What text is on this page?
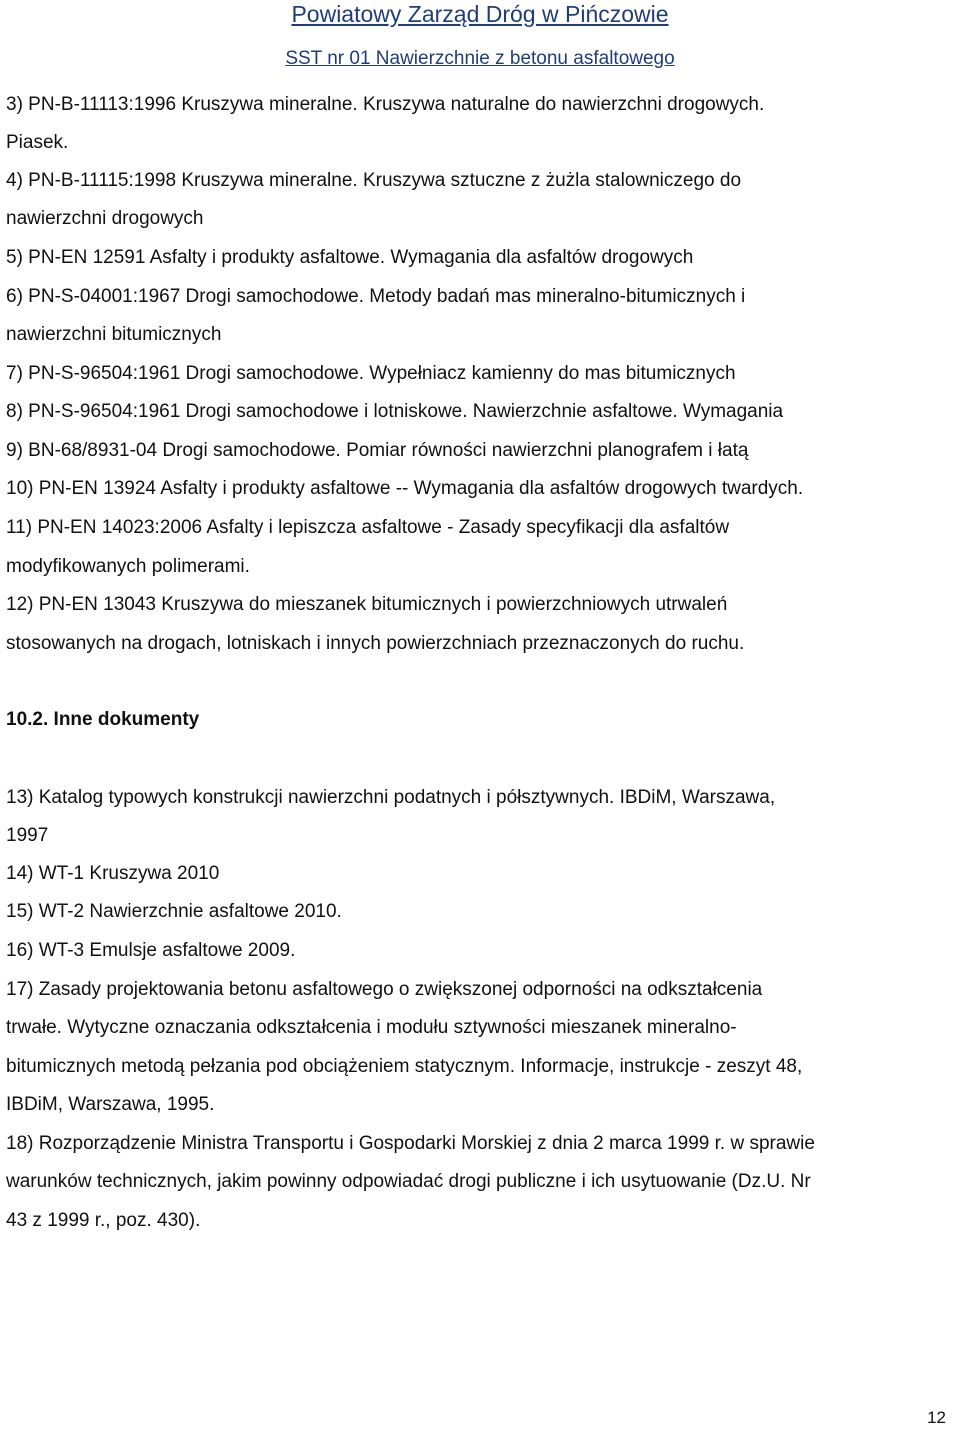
Powiatowy Zarząd Dróg w Pińczowie
SST nr 01 Nawierzchnie z betonu asfaltowego
3) PN-B-11113:1996 Kruszywa mineralne. Kruszywa naturalne do nawierzchni drogowych.
Piasek.
4) PN-B-11115:1998 Kruszywa mineralne. Kruszywa sztuczne z żużla stalowniczego do
nawierzchni drogowych
5) PN-EN 12591 Asfalty i produkty asfaltowe. Wymagania dla asfaltów drogowych
6) PN-S-04001:1967 Drogi samochodowe. Metody badań mas mineralno-bitumicznych i
nawierzchni bitumicznych
7) PN-S-96504:1961 Drogi samochodowe. Wypełniacz kamienny do mas bitumicznych
8) PN-S-96504:1961 Drogi samochodowe i lotniskowe. Nawierzchnie asfaltowe. Wymagania
9) BN-68/8931-04 Drogi samochodowe. Pomiar równości nawierzchni planografem i łatą
10) PN-EN 13924 Asfalty i produkty asfaltowe -- Wymagania dla asfaltów drogowych twardych.
11) PN-EN 14023:2006 Asfalty i lepiszcza asfaltowe - Zasady specyfikacji dla asfaltów
modyfikowanych polimerami.
12) PN-EN 13043 Kruszywa do mieszanek bitumicznych i powierzchniowych utrwaleń
stosowanych na drogach, lotniskach i innych powierzchniach przeznaczonych do ruchu.
10.2. Inne dokumenty
13) Katalog typowych konstrukcji nawierzchni podatnych i półsztywnych. IBDiM, Warszawa,
1997
14) WT-1 Kruszywa 2010
15) WT-2 Nawierzchnie asfaltowe 2010.
16) WT-3 Emulsje asfaltowe 2009.
17) Zasady projektowania betonu asfaltowego o zwiększonej odporności na odkształcenia
trwałe. Wytyczne oznaczania odkształcenia i modułu sztywności mieszanek mineralno-
bitumicznych metodą pełzania pod obciążeniem statycznym. Informacje, instrukcje - zeszyt 48,
IBDiM, Warszawa, 1995.
18) Rozporządzenie Ministra Transportu i Gospodarki Morskiej z dnia 2 marca 1999 r. w sprawie
warunków technicznych, jakim powinny odpowiadać drogi publiczne i ich usytuowanie (Dz.U. Nr
43 z 1999 r., poz. 430).
12
